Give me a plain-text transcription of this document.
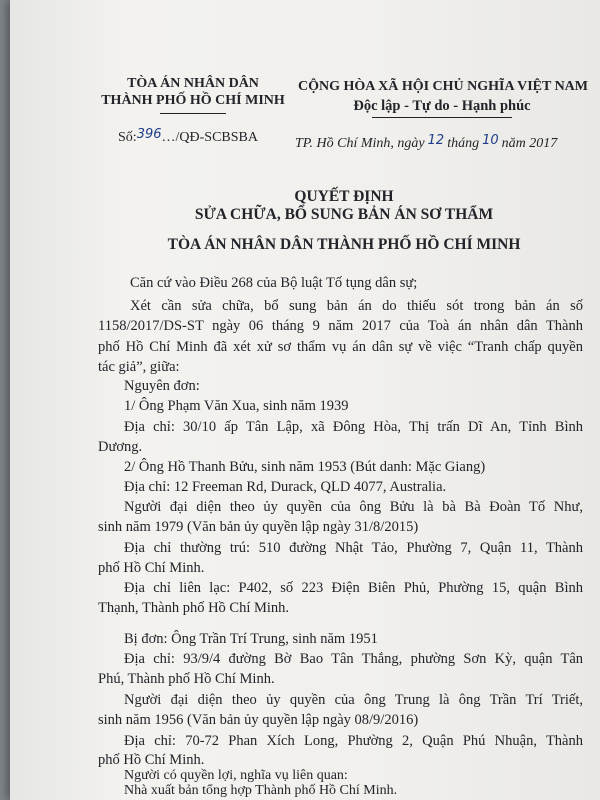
TÒA ÁN NHÂN DÂN
THÀNH PHỐ HỒ CHÍ MINH
CỘNG HÒA XÃ HỘI CHỦ NGHĨA VIỆT NAM
Độc lập - Tự do - Hạnh phúc
Số:396…/QĐ-SCBSBA	TP. Hồ Chí Minh, ngày 12 tháng 10 năm 2017
QUYẾT ĐỊNH
SỬA CHỮA, BỔ SUNG BẢN ÁN SƠ THẨM
TÒA ÁN NHÂN DÂN THÀNH PHỐ HỒ CHÍ MINH
Căn cứ vào Điều 268 của Bộ luật Tố tụng dân sự;
Xét cần sửa chữa, bổ sung bản án do thiếu sót trong bản án số
1158/2017/DS-ST ngày 06 tháng 9 năm 2017 của Toà án nhân dân Thành
phố Hồ Chí Minh đã xét xử sơ thẩm vụ án dân sự về việc “Tranh chấp quyền
tác giả”, giữa:
Nguyên đơn:
1/ Ông Phạm Văn Xua, sinh năm 1939
Địa chỉ: 30/10 ấp Tân Lập, xã Đông Hòa, Thị trấn Dĩ An, Tỉnh Bình
Dương.
2/ Ông Hồ Thanh Bửu, sinh năm 1953 (Bút danh: Mặc Giang)
Địa chỉ: 12 Freeman Rd, Durack, QLD 4077, Australia.
Người đại diện theo ủy quyền của ông Bửu là bà Bà Đoàn Tố Như,
sinh năm 1979 (Văn bản ủy quyền lập ngày 31/8/2015)
Địa chỉ thường trú: 510 đường Nhật Tảo, Phường 7, Quận 11, Thành
phố Hồ Chí Minh.
Địa chỉ liên lạc: P402, số 223 Điện Biên Phủ, Phường 15, quận Bình
Thạnh, Thành phố Hồ Chí Minh.
Bị đơn: Ông Trần Trí Trung, sinh năm 1951
Địa chỉ: 93/9/4 đường Bờ Bao Tân Thắng, phường Sơn Kỳ, quận Tân
Phú, Thành phố Hồ Chí Minh.
Người đại diện theo ủy quyền của ông Trung là ông Trần Trí Triết,
sinh năm 1956 (Văn bản ủy quyền lập ngày 08/9/2016)
Địa chỉ: 70-72 Phan Xích Long, Phường 2, Quận Phú Nhuận, Thành
phố Hồ Chí Minh.
Người có quyền lợi, nghĩa vụ liên quan:
Nhà xuất bản tổng hợp Thành phố Hồ Chí Minh.
